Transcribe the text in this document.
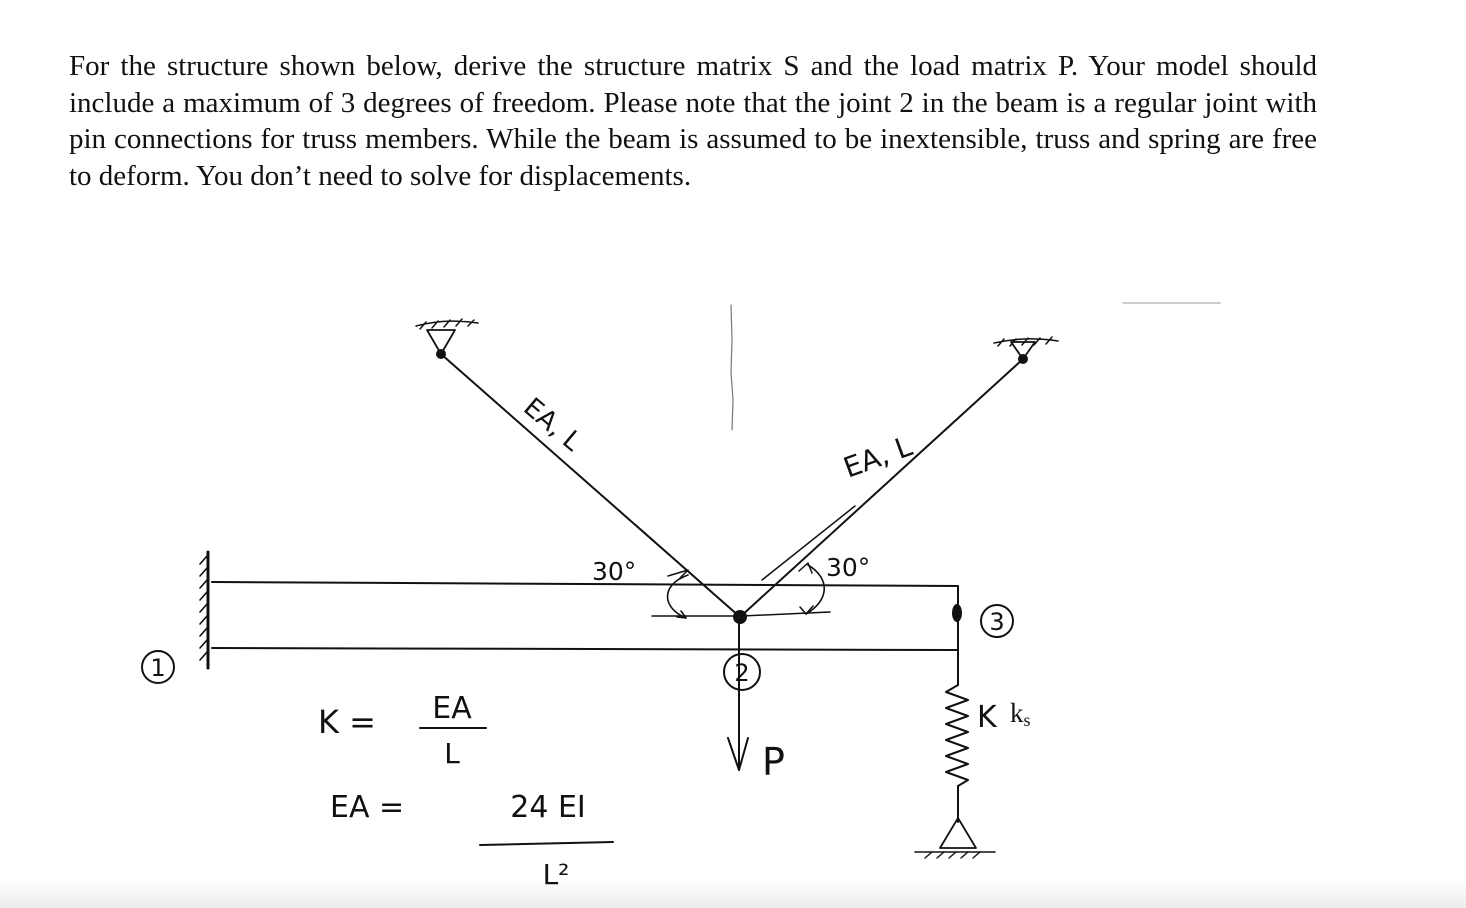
For the structure shown below, derive the structure matrix S and the load matrix P. Your model should include a maximum of 3 degrees of freedom. Please note that the joint 2 in the beam is a regular joint with pin connections for truss members. While the beam is assumed to be inextensible, truss and spring are free to deform. You don’t need to solve for displacements.

1	2
3
EA, L	EA, L
30°	30°
P
K ks
K = EA
L
EA =	24 EI
L²
